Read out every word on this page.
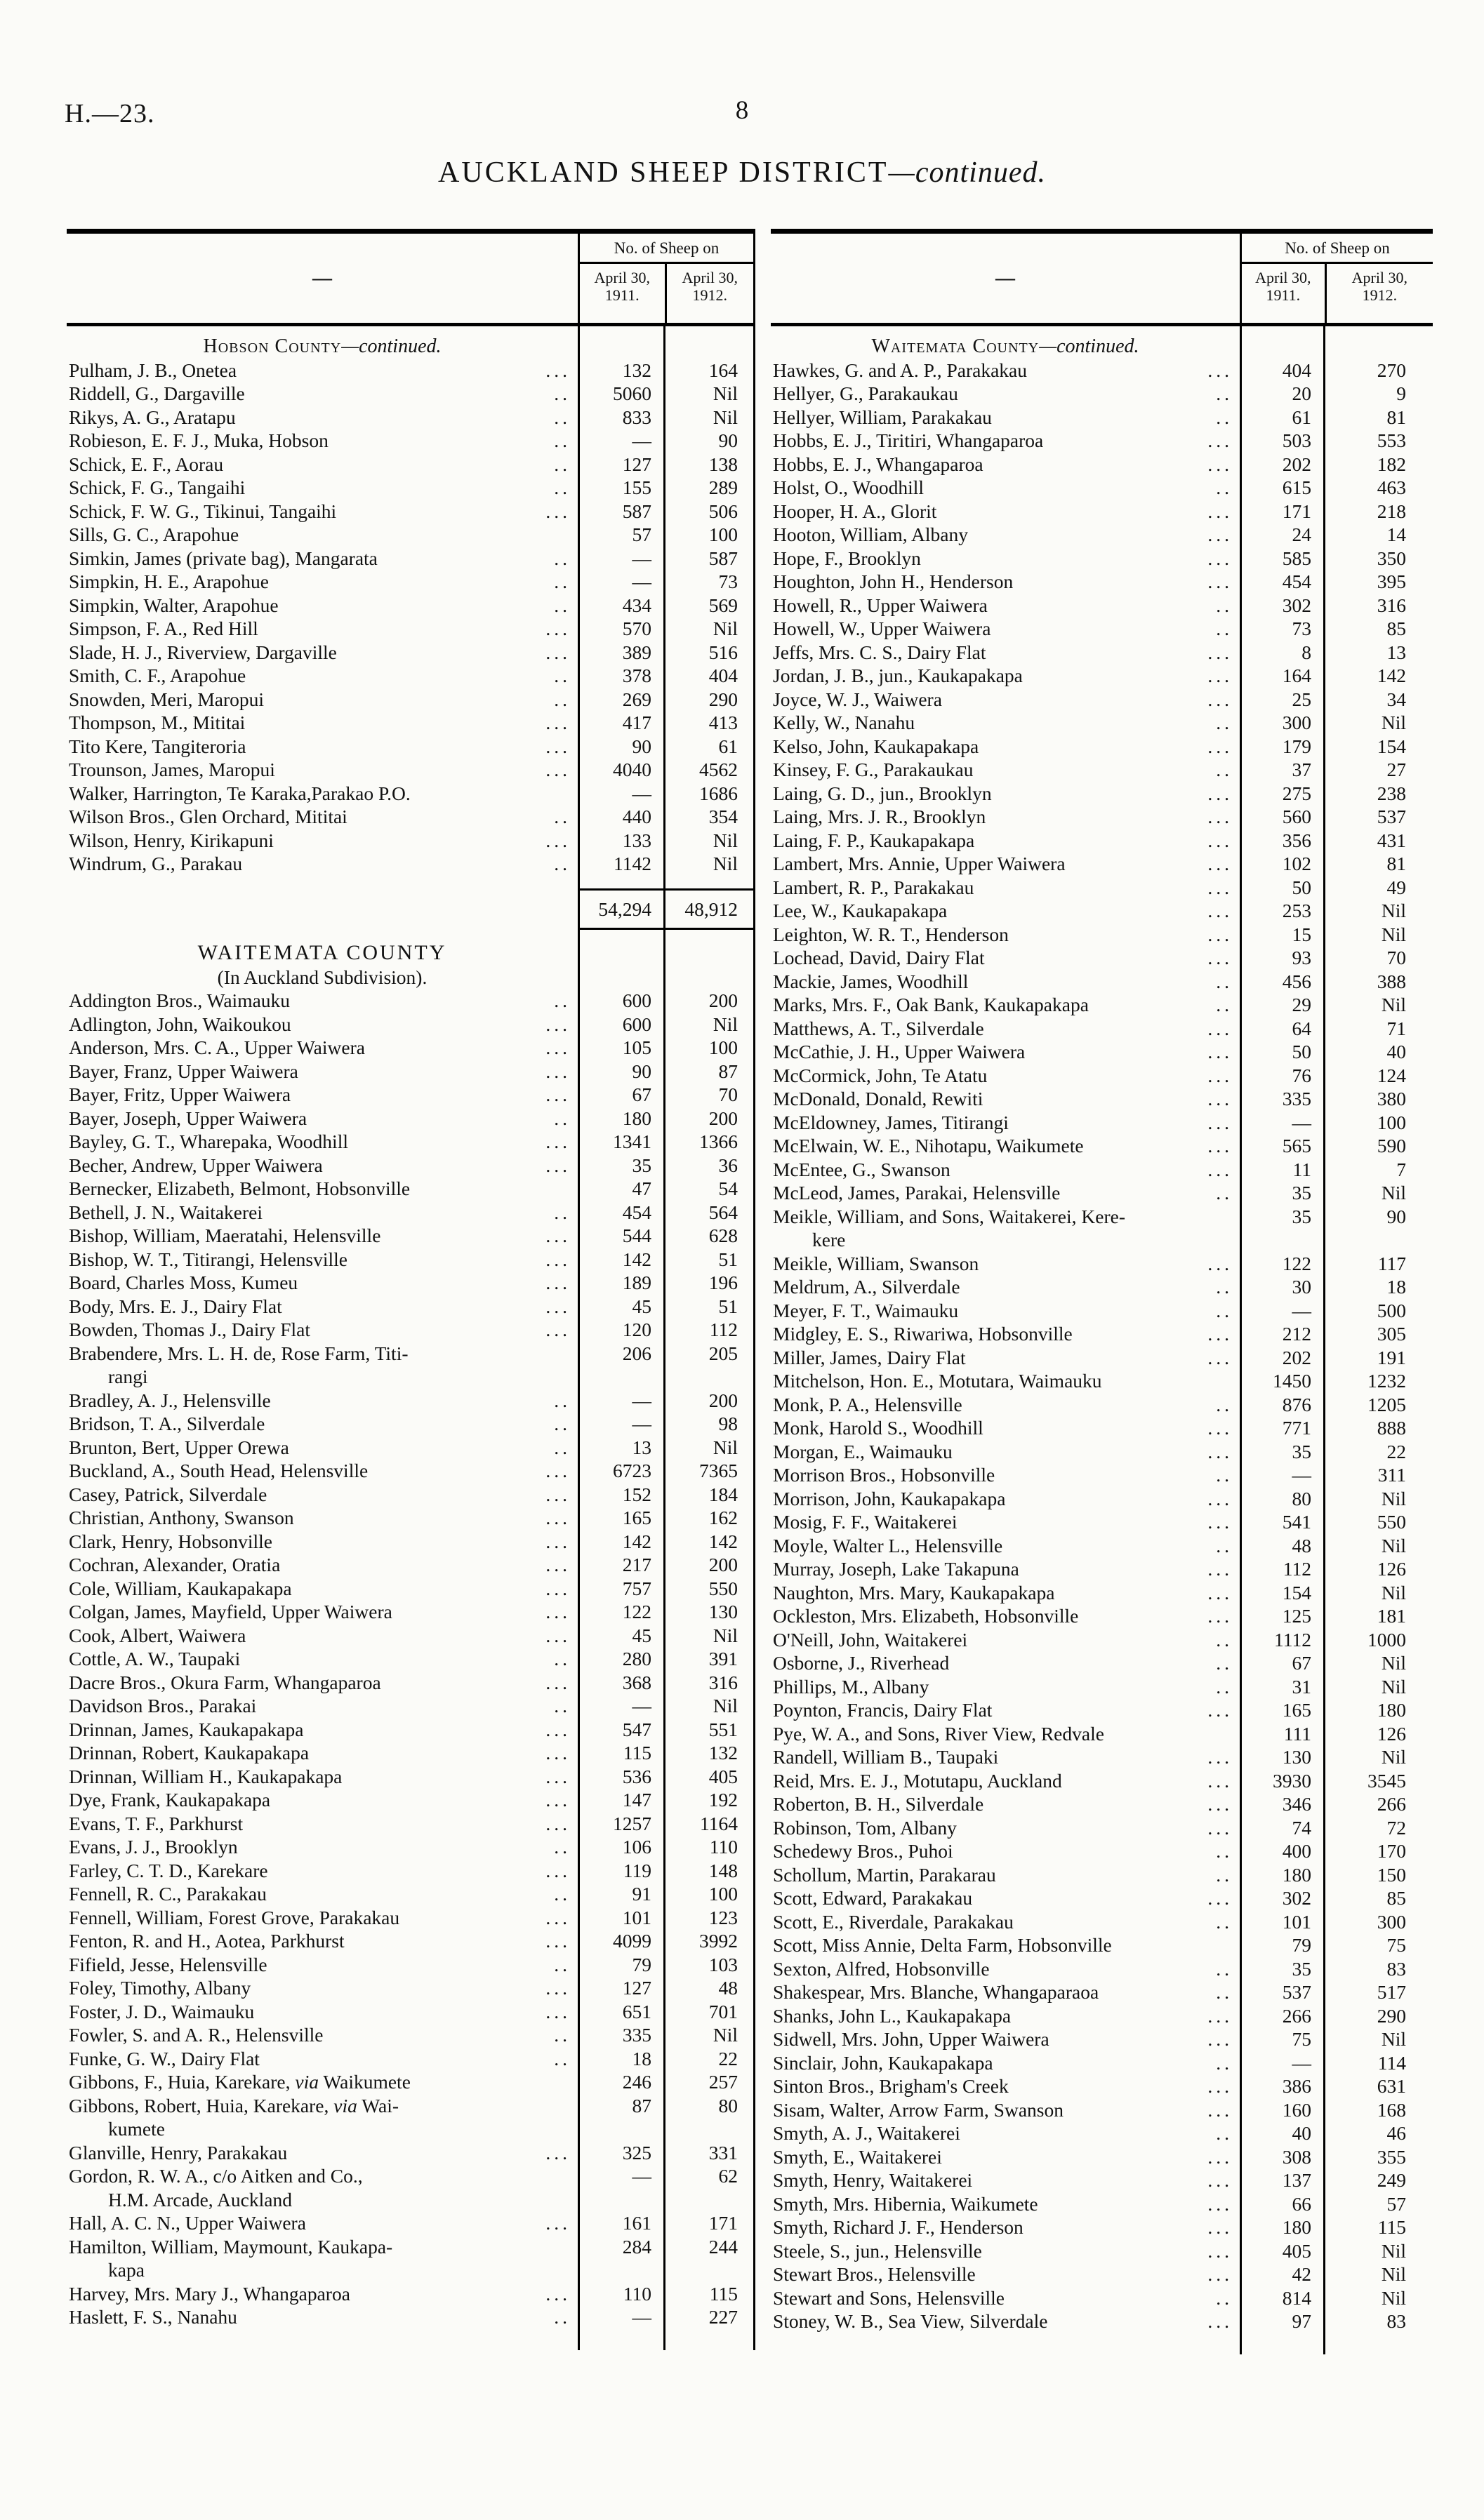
H.—23.	8
AUCKLAND SHEEP DISTRICT—continued.
—
No. of Sheep on
April 30,
1911.
April 30,
1912.
Hobson County—continued.
...
Pulham, J. B., Onetea	132	164
..
Riddell, G., Dargaville	5060	Nil
..
Rikys, A. G., Aratapu	833	Nil
..
Robieson, E. F. J., Muka, Hobson	—	90
..
Schick, E. F., Aorau	127	138
..
Schick, F. G., Tangaihi	155	289
...
Schick, F. W. G., Tikinui, Tangaihi	587	506
Sills, G. C., Arapohue	57	100
..
Simkin, James (private bag), Mangarata	—	587
..
Simpkin, H. E., Arapohue	—	73
..
Simpkin, Walter, Arapohue	434	569
...
Simpson, F. A., Red Hill	570	Nil
...
Slade, H. J., Riverview, Dargaville	389	516
..
Smith, C. F., Arapohue	378	404
..
Snowden, Meri, Maropui	269	290
...
Thompson, M., Mititai	417	413
...
Tito Kere, Tangiteroria	90	61
...
Trounson, James, Maropui	4040	4562
Walker, Harrington, Te Karaka,Parakao P.O.	—	1686
..
Wilson Bros., Glen Orchard, Mititai	440	354
...
Wilson, Henry, Kirikapuni	133	Nil
..
Windrum, G., Parakau	1142	Nil
54,294	48,912
WAITEMATA COUNTY
(In Auckland Subdivision).
..
Addington Bros., Waimauku	600	200
...
Adlington, John, Waikoukou	600	Nil
...
Anderson, Mrs. C. A., Upper Waiwera	105	100
...
Bayer, Franz, Upper Waiwera	90	87
...
Bayer, Fritz, Upper Waiwera	67	70
..
Bayer, Joseph, Upper Waiwera	180	200
...
Bayley, G. T., Wharepaka, Woodhill	1341	1366
...
Becher, Andrew, Upper Waiwera	35	36
Bernecker, Elizabeth, Belmont, Hobsonville	47	54
..
Bethell, J. N., Waitakerei	454	564
...
Bishop, William, Maeratahi, Helensville	544	628
...
Bishop, W. T., Titirangi, Helensville	142	51
...
Board, Charles Moss, Kumeu	189	196
...
Body, Mrs. E. J., Dairy Flat	45	51
...
Bowden, Thomas J., Dairy Flat	120	112
Brabendere, Mrs. L. H. de, Rose Farm, Titi-
rangi
206	205
..
Bradley, A. J., Helensville	—	200
..
Bridson, T. A., Silverdale	—	98
..
Brunton, Bert, Upper Orewa	13	Nil
...
Buckland, A., South Head, Helensville	6723	7365
...
Casey, Patrick, Silverdale	152	184
...
Christian, Anthony, Swanson	165	162
...
Clark, Henry, Hobsonville	142	142
...
Cochran, Alexander, Oratia	217	200
...
Cole, William, Kaukapakapa	757	550
...
Colgan, James, Mayfield, Upper Waiwera	122	130
...
Cook, Albert, Waiwera	45	Nil
..
Cottle, A. W., Taupaki	280	391
...
Dacre Bros., Okura Farm, Whangaparoa	368	316
..
Davidson Bros., Parakai	—	Nil
...
Drinnan, James, Kaukapakapa	547	551
...
Drinnan, Robert, Kaukapakapa	115	132
...
Drinnan, William H., Kaukapakapa	536	405
...
Dye, Frank, Kaukapakapa	147	192
...
Evans, T. F., Parkhurst	1257	1164
..
Evans, J. J., Brooklyn	106	110
...
Farley, C. T. D., Karekare	119	148
..
Fennell, R. C., Parakakau	91	100
...
Fennell, William, Forest Grove, Parakakau	101	123
...
Fenton, R. and H., Aotea, Parkhurst	4099	3992
..
Fifield, Jesse, Helensville	79	103
...
Foley, Timothy, Albany	127	48
...
Foster, J. D., Waimauku	651	701
..
Fowler, S. and A. R., Helensville	335	Nil
..
Funke, G. W., Dairy Flat	18	22
Gibbons, F., Huia, Karekare, via Waikumete	246	257
Gibbons, Robert, Huia, Karekare, via Wai-
kumete
87	80
...
Glanville, Henry, Parakakau	325	331
Gordon, R. W. A., c/o Aitken and Co.,
H.M. Arcade, Auckland
—	62
...
Hall, A. C. N., Upper Waiwera	161	171
Hamilton, William, Maymount, Kaukapa-
kapa
284	244
...
Harvey, Mrs. Mary J., Whangaparoa	110	115
..
Haslett, F. S., Nanahu	—	227
—
No. of Sheep on
April 30,
1911.
April 30,
1912.
Waitemata County—continued.
...
Hawkes, G. and A. P., Parakakau	404	270
..
Hellyer, G., Parakaukau	20	9
..
Hellyer, William, Parakakau	61	81
...
Hobbs, E. J., Tiritiri, Whangaparoa	503	553
...
Hobbs, E. J., Whangaparoa	202	182
..
Holst, O., Woodhill	615	463
...
Hooper, H. A., Glorit	171	218
...
Hooton, William, Albany	24	14
...
Hope, F., Brooklyn	585	350
...
Houghton, John H., Henderson	454	395
..
Howell, R., Upper Waiwera	302	316
..
Howell, W., Upper Waiwera	73	85
...
Jeffs, Mrs. C. S., Dairy Flat	8	13
...
Jordan, J. B., jun., Kaukapakapa	164	142
...
Joyce, W. J., Waiwera	25	34
..
Kelly, W., Nanahu	300	Nil
...
Kelso, John, Kaukapakapa	179	154
..
Kinsey, F. G., Parakaukau	37	27
...
Laing, G. D., jun., Brooklyn	275	238
...
Laing, Mrs. J. R., Brooklyn	560	537
...
Laing, F. P., Kaukapakapa	356	431
...
Lambert, Mrs. Annie, Upper Waiwera	102	81
...
Lambert, R. P., Parakakau	50	49
...
Lee, W., Kaukapakapa	253	Nil
...
Leighton, W. R. T., Henderson	15	Nil
...
Lochead, David, Dairy Flat	93	70
..
Mackie, James, Woodhill	456	388
..
Marks, Mrs. F., Oak Bank, Kaukapakapa	29	Nil
...
Matthews, A. T., Silverdale	64	71
...
McCathie, J. H., Upper Waiwera	50	40
...
McCormick, John, Te Atatu	76	124
...
McDonald, Donald, Rewiti	335	380
...
McEldowney, James, Titirangi	—	100
...
McElwain, W. E., Nihotapu, Waikumete	565	590
...
McEntee, G., Swanson	11	7
..
McLeod, James, Parakai, Helensville	35	Nil
Meikle, William, and Sons, Waitakerei, Kere-
kere
35	90
...
Meikle, William, Swanson	122	117
..
Meldrum, A., Silverdale	30	18
..
Meyer, F. T., Waimauku	—	500
...
Midgley, E. S., Riwariwa, Hobsonville	212	305
...
Miller, James, Dairy Flat	202	191
Mitchelson, Hon. E., Motutara, Waimauku	1450	1232
..
Monk, P. A., Helensville	876	1205
...
Monk, Harold S., Woodhill	771	888
...
Morgan, E., Waimauku	35	22
..
Morrison Bros., Hobsonville	—	311
...
Morrison, John, Kaukapakapa	80	Nil
...
Mosig, F. F., Waitakerei	541	550
..
Moyle, Walter L., Helensville	48	Nil
...
Murray, Joseph, Lake Takapuna	112	126
...
Naughton, Mrs. Mary, Kaukapakapa	154	Nil
...
Ockleston, Mrs. Elizabeth, Hobsonville	125	181
..
O'Neill, John, Waitakerei	1112	1000
..
Osborne, J., Riverhead	67	Nil
..
Phillips, M., Albany	31	Nil
...
Poynton, Francis, Dairy Flat	165	180
Pye, W. A., and Sons, River View, Redvale	111	126
...
Randell, William B., Taupaki	130	Nil
...
Reid, Mrs. E. J., Motutapu, Auckland	3930	3545
...
Roberton, B. H., Silverdale	346	266
...
Robinson, Tom, Albany	74	72
..
Schedewy Bros., Puhoi	400	170
..
Schollum, Martin, Parakarau	180	150
...
Scott, Edward, Parakakau	302	85
..
Scott, E., Riverdale, Parakakau	101	300
Scott, Miss Annie, Delta Farm, Hobsonville	79	75
..
Sexton, Alfred, Hobsonville	35	83
..
Shakespear, Mrs. Blanche, Whangaparaoa	537	517
...
Shanks, John L., Kaukapakapa	266	290
...
Sidwell, Mrs. John, Upper Waiwera	75	Nil
..
Sinclair, John, Kaukapakapa	—	114
...
Sinton Bros., Brigham's Creek	386	631
...
Sisam, Walter, Arrow Farm, Swanson	160	168
..
Smyth, A. J., Waitakerei	40	46
...
Smyth, E., Waitakerei	308	355
...
Smyth, Henry, Waitakerei	137	249
...
Smyth, Mrs. Hibernia, Waikumete	66	57
...
Smyth, Richard J. F., Henderson	180	115
...
Steele, S., jun., Helensville	405	Nil
...
Stewart Bros., Helensville	42	Nil
..
Stewart and Sons, Helensville	814	Nil
...
Stoney, W. B., Sea View, Silverdale	97	83
